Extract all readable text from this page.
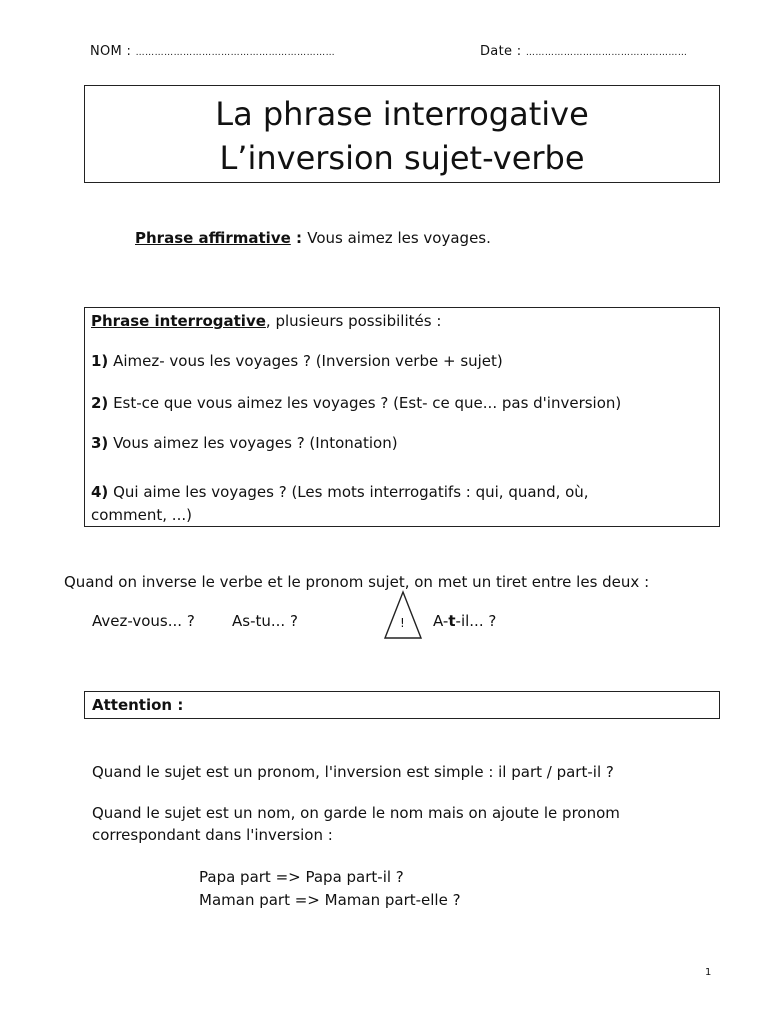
NOM : ………………………………………………………	Date : ……………………………………………
La phrase interrogative
L’inversion sujet-verbe
Phrase affirmative : Vous aimez les voyages.
Phrase interrogative, plusieurs possibilités :
1) Aimez- vous les voyages ? (Inversion verbe + sujet)
2) Est-ce que vous aimez les voyages ? (Est- ce que... pas d'inversion)
3) Vous aimez les voyages ? (Intonation)
4) Qui aime les voyages ? (Les mots interrogatifs : qui, quand, où,
comment, ...)
Quand on inverse le verbe et le pronom sujet, on met un tiret entre les deux :
Avez-vous... ? As-tu... ?	! A-t-il... ?
Attention :
Quand le sujet est un pronom, l'inversion est simple : il part / part-il ?
Quand le sujet est un nom, on garde le nom mais on ajoute le pronom
correspondant dans l'inversion :
Papa part => Papa part-il ?
Maman part => Maman part-elle ?
1
